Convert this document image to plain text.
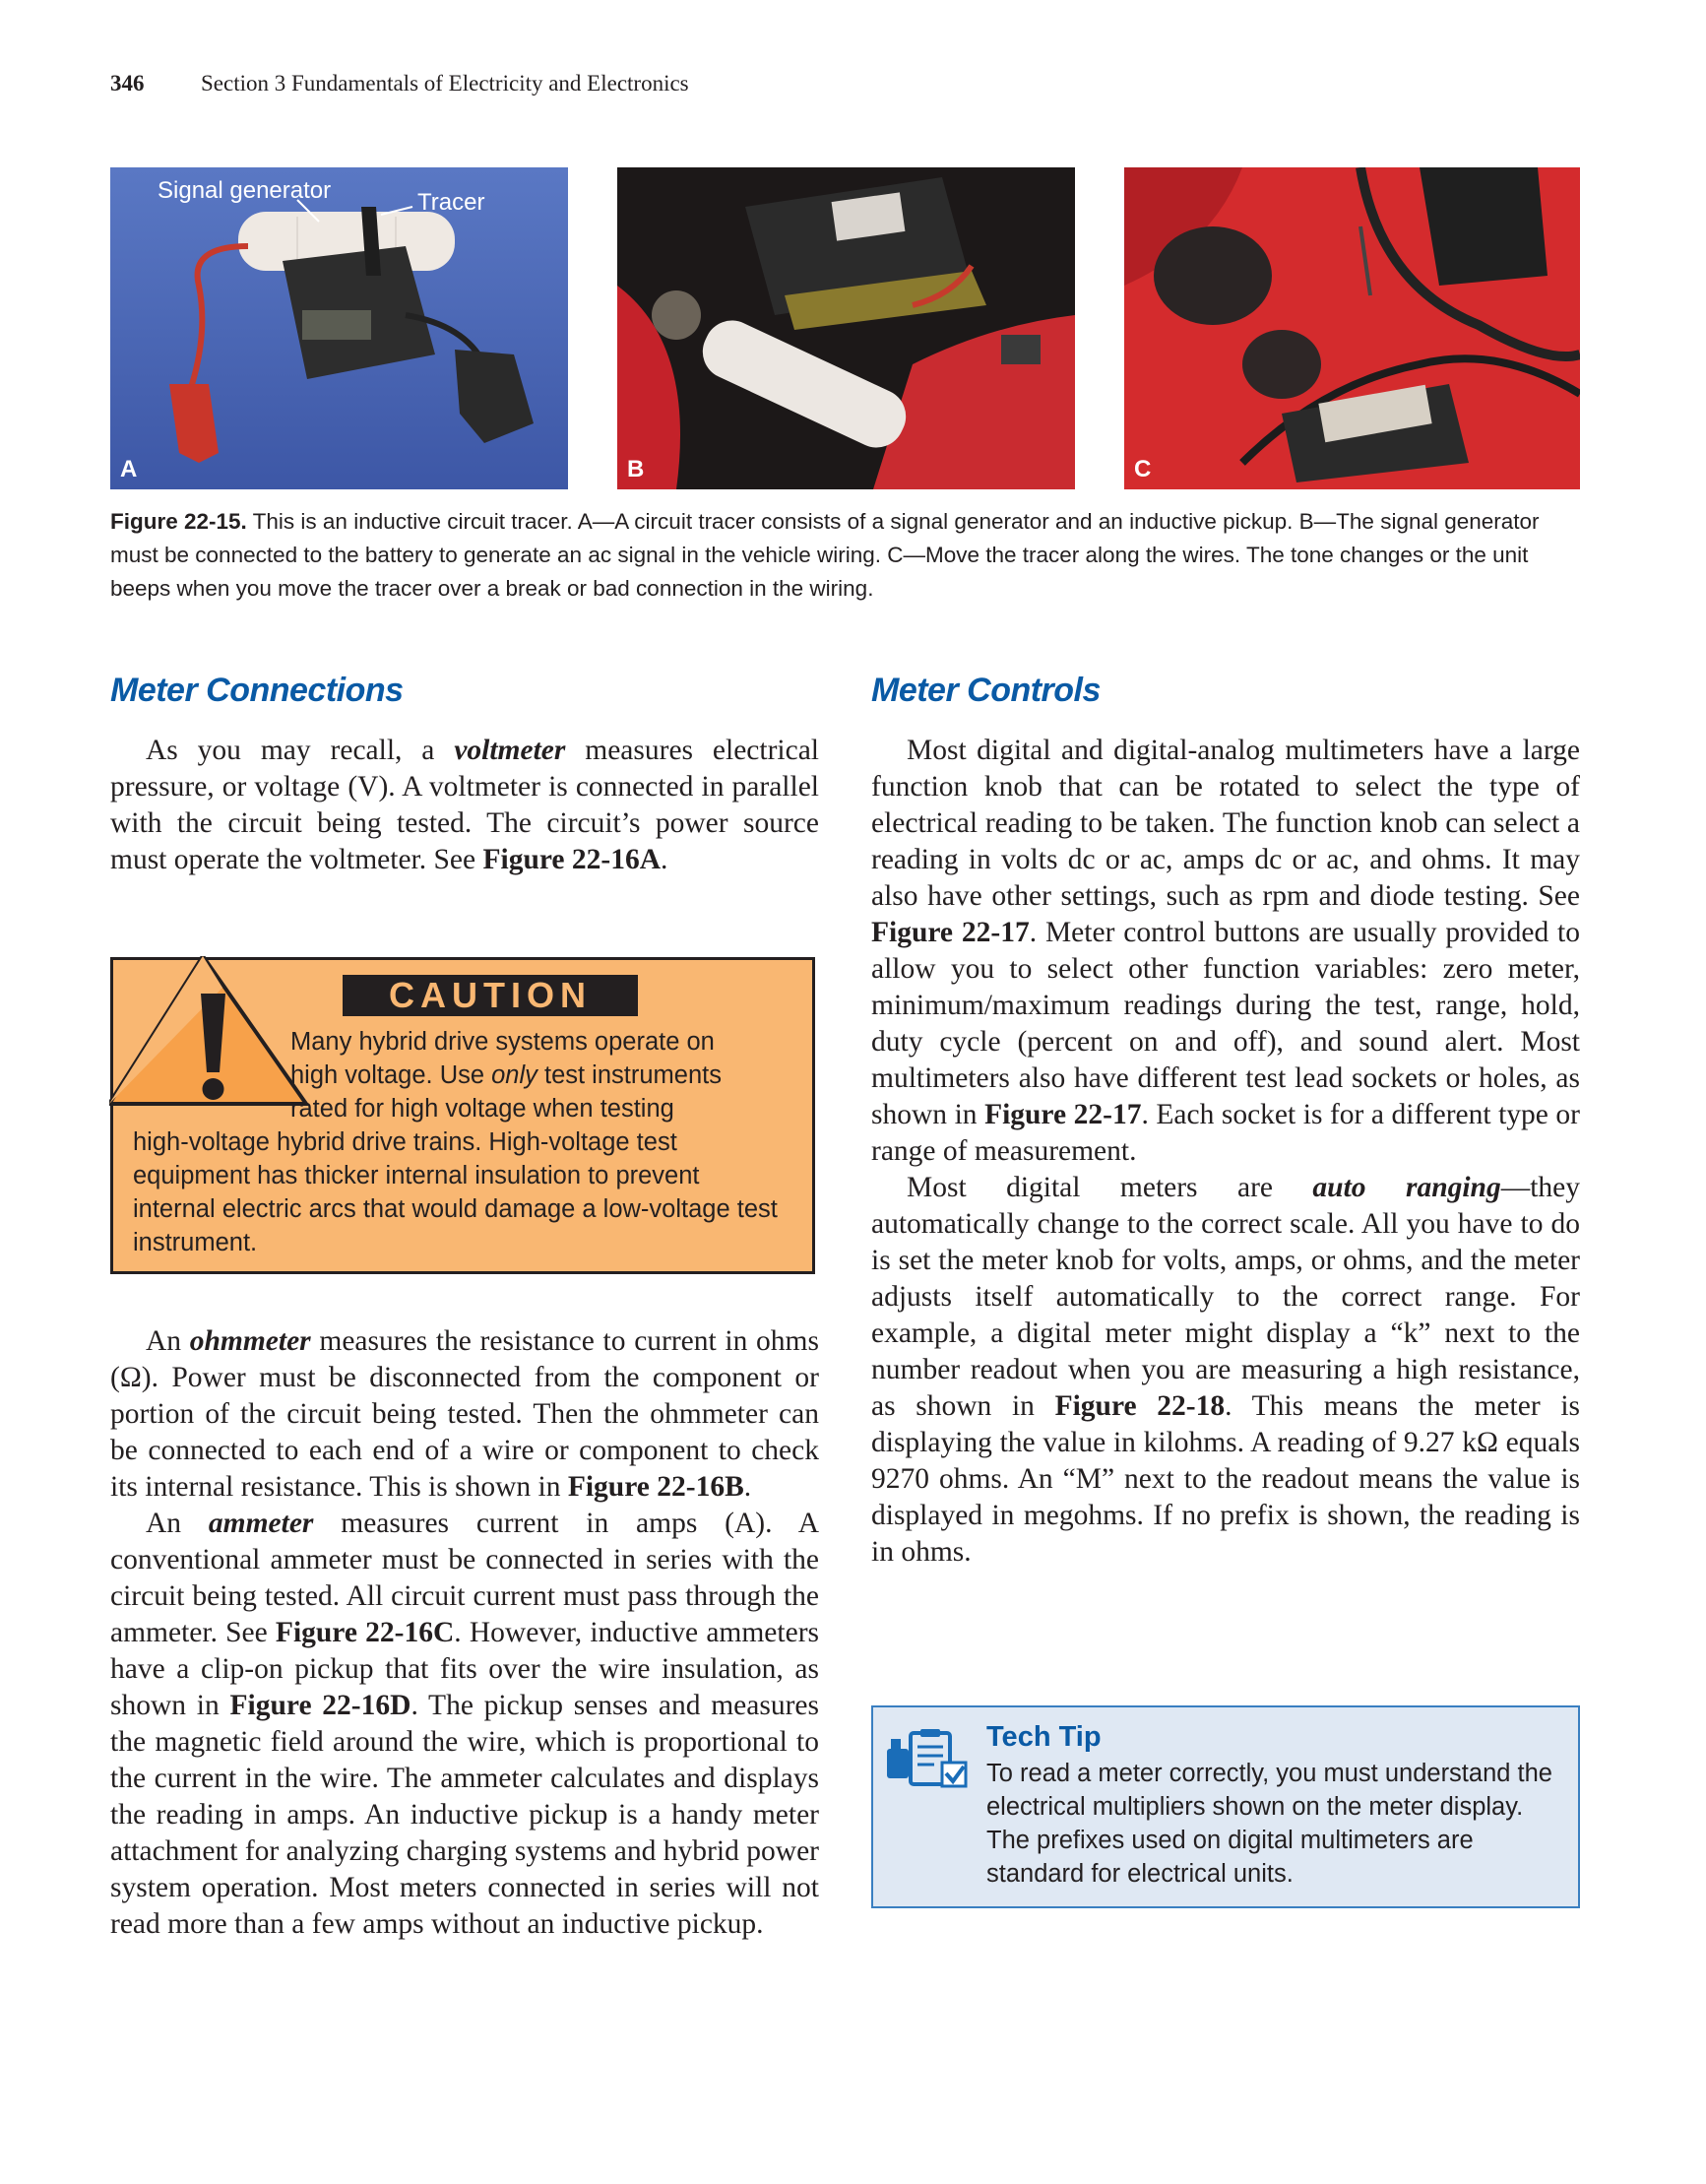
346	Section 3 Fundamentals of Electricity and Electronics
Signal generator	Tracer
A	B	C
Figure 22-15. This is an inductive circuit tracer. A—A circuit tracer consists of a signal generator and an inductive pickup. B—The signal generator must be connected to the battery to generate an ac signal in the vehicle wiring. C—Move the tracer along the wires. The tone changes or the unit beeps when you move the tracer over a break or bad connection in the wiring.
Meter Connections	Meter Controls

As you may recall, a voltmeter measures electrical pressure, or voltage (V). A voltmeter is connected in parallel with the circuit being tested. The circuit’s power source must operate the voltmeter. See Figure 22-16A.

CAUTION
Many hybrid drive systems operate on
high voltage. Use only test instruments
rated for high voltage when testing
high-voltage hybrid drive trains. High-voltage test equipment has thicker internal insulation to prevent internal electric arcs that would damage a low-voltage test instrument.

An ohmmeter measures the resistance to current in ohms (Ω). Power must be disconnected from the component or portion of the circuit being tested. Then the ohmmeter can be connected to each end of a wire or component to check its internal resistance. This is shown in Figure 22-16B.

An ammeter measures current in amps (A). A conventional ammeter must be connected in series with the circuit being tested. All circuit current must pass through the ammeter. See Figure 22-16C. However, inductive ammeters have a clip-on pickup that fits over the wire insulation, as shown in Figure 22-16D. The pickup senses and measures the magnetic field around the wire, which is proportional to the current in the wire. The ammeter calculates and displays the reading in amps. An inductive pickup is a handy meter attachment for analyzing charging systems and hybrid power system operation. Most meters connected in series will not read more than a few amps without an inductive pickup.

Most digital and digital-analog multimeters have a large function knob that can be rotated to select the type of electrical reading to be taken. The function knob can select a reading in volts dc or ac, amps dc or ac, and ohms. It may also have other settings, such as rpm and diode testing. See Figure 22-17. Meter control buttons are usually provided to allow you to select other function variables: zero meter, minimum/maximum readings during the test, range, hold, duty cycle (percent on and off), and sound alert. Most multimeters also have different test lead sockets or holes, as shown in Figure 22-17. Each socket is for a different type or range of measurement.

Most digital meters are auto ranging—they automatically change to the correct scale. All you have to do is set the meter knob for volts, amps, or ohms, and the meter adjusts itself automatically to the correct range. For example, a digital meter might display a “k” next to the number readout when you are measuring a high resistance, as shown in Figure 22-18. This means the meter is displaying the value in kilohms. A reading of 9.27 kΩ equals 9270 ohms. An “M” next to the readout means the value is displayed in megohms. If no prefix is shown, the reading is in ohms.

Tech Tip
To read a meter correctly, you must understand the electrical multipliers shown on the meter display. The prefixes used on digital multimeters are standard for electrical units.
